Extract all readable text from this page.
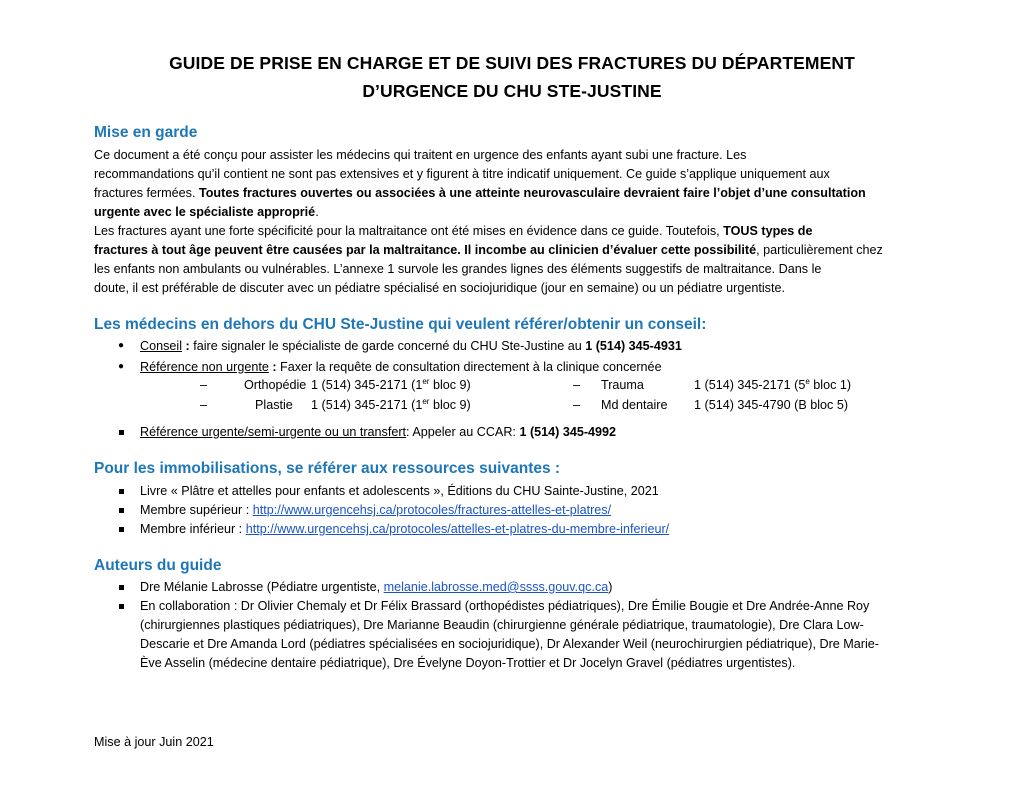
GUIDE DE PRISE EN CHARGE ET DE SUIVI DES FRACTURES DU DÉPARTEMENT
D’URGENCE DU CHU STE-JUSTINE
Mise en garde
Ce document a été conçu pour assister les médecins qui traitent en urgence des enfants ayant subi une fracture. Les
recommandations qu’il contient ne sont pas extensives et y figurent à titre indicatif uniquement. Ce guide s’applique uniquement aux
fractures fermées. Toutes fractures ouvertes ou associées à une atteinte neurovasculaire devraient faire l’objet d’une consultation
urgente avec le spécialiste approprié.
Les fractures ayant une forte spécificité pour la maltraitance ont été mises en évidence dans ce guide. Toutefois, TOUS types de
fractures à tout âge peuvent être causées par la maltraitance. Il incombe au clinicien d’évaluer cette possibilité, particulièrement chez
les enfants non ambulants ou vulnérables. L’annexe 1 survole les grandes lignes des éléments suggestifs de maltraitance. Dans le
doute, il est préférable de discuter avec un pédiatre spécialisé en sociojuridique (jour en semaine) ou un pédiatre urgentiste.
Les médecins en dehors du CHU Ste-Justine qui veulent référer/obtenir un conseil:
● Conseil : faire signaler le spécialiste de garde concerné du CHU Ste-Justine au 1 (514) 345-4931
● Référence non urgente : Faxer la requête de consultation directement à la clinique concernée
–	Orthopédie 1 (514) 345-2171 (1er bloc 9)	– Trauma	1 (514) 345-2171 (5e bloc 1)
–	Plastie 1 (514) 345-2171 (1er bloc 9)	– Md dentaire 1 (514) 345-4790 (B bloc 5)
Référence urgente/semi-urgente ou un transfert: Appeler au CCAR: 1 (514) 345-4992
Pour les immobilisations, se référer aux ressources suivantes :
Livre « Plâtre et attelles pour enfants et adolescents », Éditions du CHU Sainte-Justine, 2021
Membre supérieur : http://www.urgencehsj.ca/protocoles/fractures-attelles-et-platres/
Membre inférieur : http://www.urgencehsj.ca/protocoles/attelles-et-platres-du-membre-inferieur/
Auteurs du guide
Dre Mélanie Labrosse (Pédiatre urgentiste, melanie.labrosse.med@ssss.gouv.qc.ca)
En collaboration : Dr Olivier Chemaly et Dr Félix Brassard (orthopédistes pédiatriques), Dre Émilie Bougie et Dre Andrée-Anne Roy
(chirurgiennes plastiques pédiatriques), Dre Marianne Beaudin (chirurgienne générale pédiatrique, traumatologie), Dre Clara Low-
Descarie et Dre Amanda Lord (pédiatres spécialisées en sociojuridique), Dr Alexander Weil (neurochirurgien pédiatrique), Dre Marie-
Ève Asselin (médecine dentaire pédiatrique), Dre Évelyne Doyon-Trottier et Dr Jocelyn Gravel (pédiatres urgentistes).
Mise à jour Juin 2021
